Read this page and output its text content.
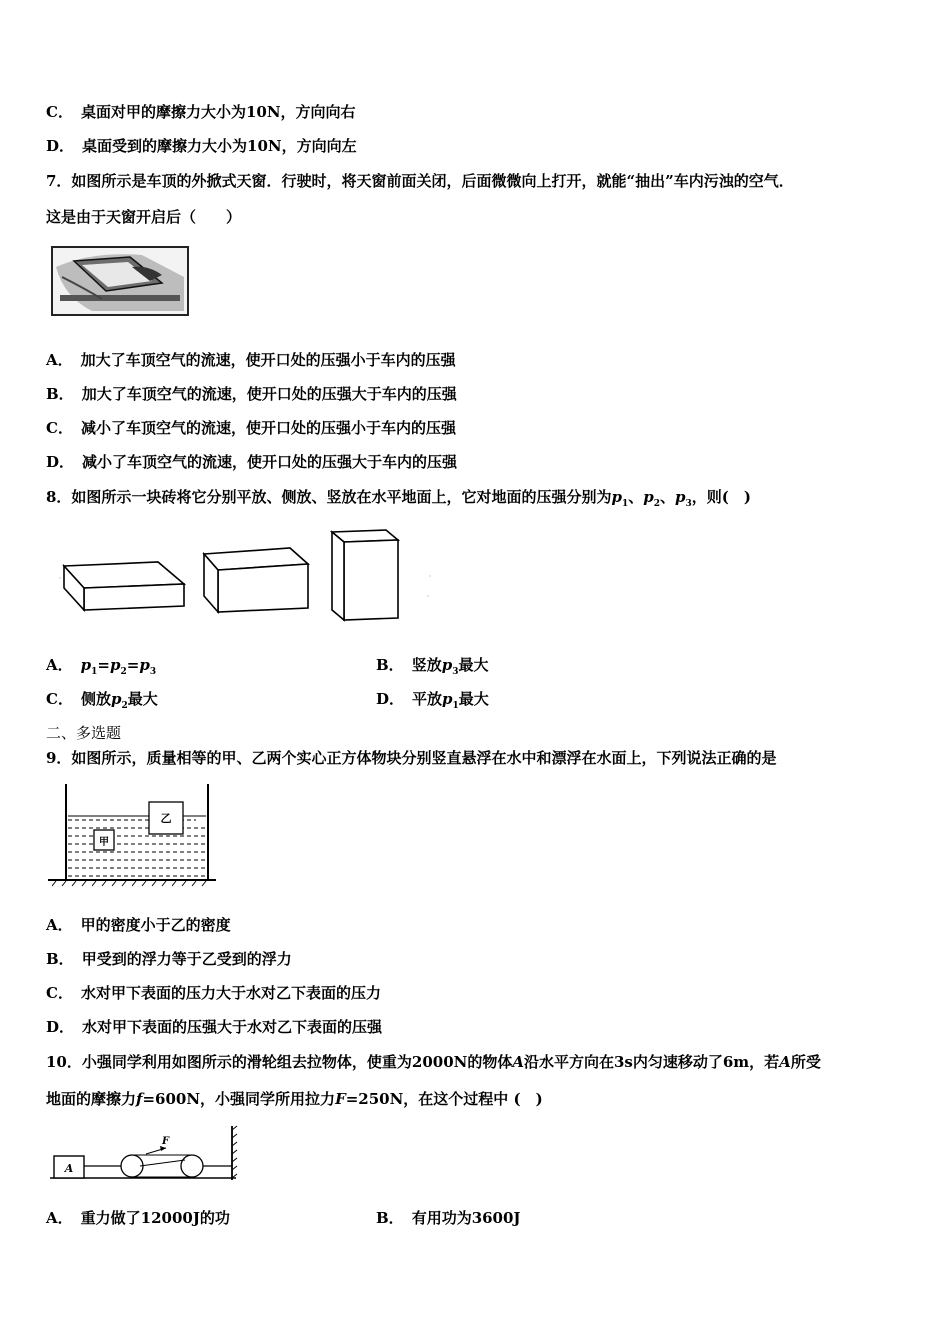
C． 桌面对甲的摩擦力大小为10N，方向向右
D． 桌面受到的摩擦力大小为10N，方向向左
7．如图所示是车顶的外掀式天窗．行驶时，将天窗前面关闭，后面微微向上打开，就能“抽出”车内污浊的空气．
这是由于天窗开启后（　　）
A． 加大了车顶空气的流速，使开口处的压强小于车内的压强
B． 加大了车顶空气的流速，使开口处的压强大于车内的压强
C． 减小了车顶空气的流速，使开口处的压强小于车内的压强
D． 减小了车顶空气的流速，使开口处的压强大于车内的压强
8．如图所示一块砖将它分别平放、侧放、竖放在水平地面上，它对地面的压强分别为$p_1$、$p_2$、$p_3$，则(　)
A． $p_1=p_2=p_3$	B． 竖放$p_3$最大
C． 侧放$p_2$最大	D． 平放$p_1$最大
二、多选题
9．如图所示，质量相等的甲、乙两个实心正方体物块分别竖直悬浮在水中和漂浮在水面上，下列说法正确的是
甲
乙
A． 甲的密度小于乙的密度
B． 甲受到的浮力等于乙受到的浮力
C． 水对甲下表面的压力大于水对乙下表面的压力
D． 水对甲下表面的压强大于水对乙下表面的压强
10．小强同学利用如图所示的滑轮组去拉物体，使重为2000N的物体A沿水平方向在3s内匀速移动了6m，若A所受
地面的摩擦力f=600N，小强同学所用拉力F=250N，在这个过程中 (　)
A
F
A． 重力做了12000J的功	B． 有用功为3600J
